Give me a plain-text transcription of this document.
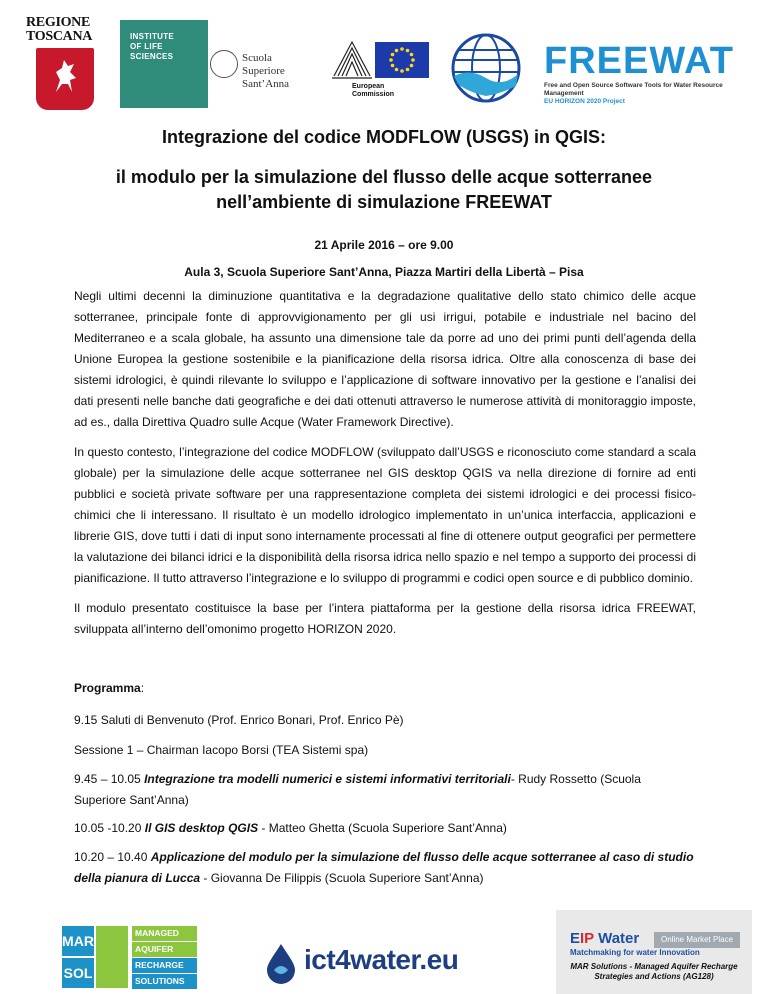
REGIONE
TOSCANA	INSTITUTE
OF LIFE
SCIENCES	Scuola Superiore
Sant’Anna	European
Commission
FREEWAT
Free and Open Source Software Tools for Water Resource Management
EU HORIZON 2020 Project
Integrazione del codice MODFLOW (USGS) in QGIS:
il modulo per la simulazione del flusso delle acque sotterranee
nell’ambiente di simulazione FREEWAT
21 Aprile 2016 – ore 9.00
Aula 3, Scuola Superiore Sant’Anna, Piazza Martiri della Libertà – Pisa
Negli ultimi decenni la diminuzione quantitativa e la degradazione qualitative dello stato chimico delle acque sotterranee, principale fonte di approvvigionamento per gli usi irrigui, potabile e industriale nel bacino del Mediterraneo e a scala globale, ha assunto una dimensione tale da porre ad uno dei primi punti dell’agenda della Unione Europea la gestione sostenibile e la pianificazione della risorsa idrica. Oltre alla conoscenza di base dei sistemi idrologici, è quindi rilevante lo sviluppo e l’applicazione di software innovativo per la gestione e l’analisi dei dati presenti nelle banche dati geografiche e dei dati ottenuti attraverso le numerose attività di monitoraggio imposte, ad es., dalla Direttiva Quadro sulle Acque (Water Framework Directive).
In questo contesto, l’integrazione del codice MODFLOW (sviluppato dall’USGS e riconosciuto come standard a scala globale) per la simulazione delle acque sotterranee nel GIS desktop QGIS va nella direzione di fornire ad enti pubblici e società private software per una rappresentazione completa dei sistemi idrologici e dei processi fisico-chimici che li interessano. Il risultato è un modello idrologico implementato in un’unica interfaccia, applicazioni e librerie GIS, dove tutti i dati di input sono internamente processati al fine di ottenere output geografici per permettere la valutazione dei bilanci idrici e la disponibilità della risorsa idrica nello spazio e nel tempo a supporto dei processi di pianificazione. Il tutto attraverso l’integrazione e lo sviluppo di programmi e codici open source e di pubblico dominio.
Il modulo presentato costituisce la base per l’intera piattaforma per la gestione della risorsa idrica FREEWAT, sviluppata all’interno dell’omonimo progetto HORIZON 2020.
Programma:
9.15 Saluti di Benvenuto (Prof. Enrico Bonari, Prof. Enrico Pè)
Sessione 1 – Chairman Iacopo Borsi (TEA Sistemi spa)
9.45 – 10.05 Integrazione tra modelli numerici e sistemi informativi territoriali- Rudy Rossetto (Scuola Superiore Sant’Anna)
10.05 -10.20 Il GIS desktop QGIS - Matteo Ghetta (Scuola Superiore Sant’Anna)
10.20 – 10.40 Applicazione del modulo per la simulazione del flusso delle acque sotterranee al caso di studio della pianura di Lucca - Giovanna De Filippis (Scuola Superiore Sant’Anna)
MAR
SOL
MANAGED
AQUIFER
RECHARGE
SOLUTIONS
ict4water.eu
EIP Water	Online Market Place
Matchmaking for water Innovation
MAR Solutions - Managed Aquifer Recharge Strategies and Actions (AG128)
